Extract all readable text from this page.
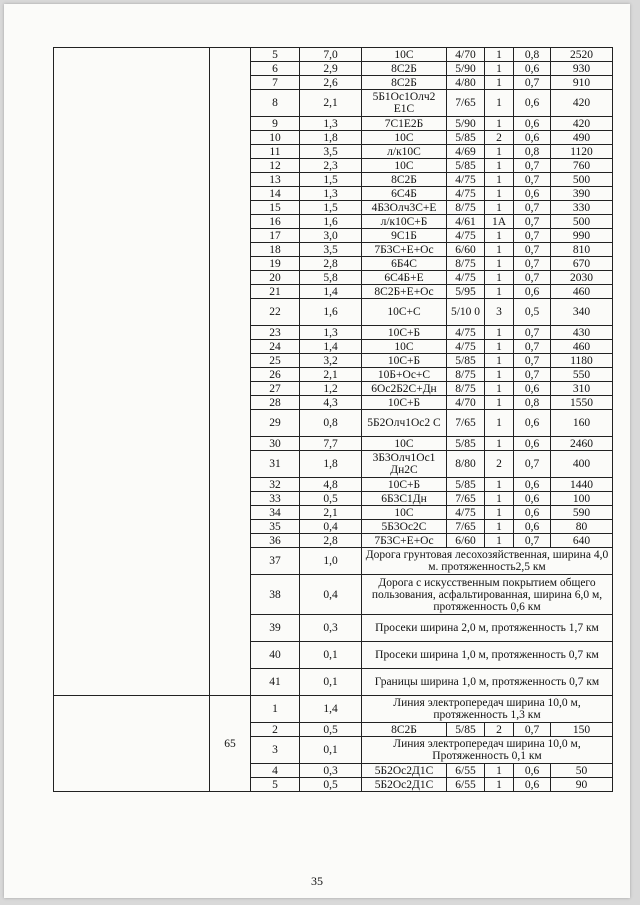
		5	7,0	10С	4/70	1	0,8	2520
		6	2,9	8С2Б	5/90	1	0,6	930
		7	2,6	8С2Б	4/80	1	0,7	910
		8	2,1	5Б1Ос1Олч2 Е1С	7/65	1	0,6	420
		9	1,3	7С1Е2Б	5/90	1	0,6	420
		10	1,8	10С	5/85	2	0,6	490
		11	3,5	л/к10С	4/69	1	0,8	1120
		12	2,3	10С	5/85	1	0,7	760
		13	1,5	8С2Б	4/75	1	0,7	500
		14	1,3	6С4Б	4/75	1	0,6	390
		15	1,5	4Б3Олч3С+Е	8/75	1	0,7	330
		16	1,6	л/к10С+Б	4/61	1А	0,7	500
		17	3,0	9С1Б	4/75	1	0,7	990
		18	3,5	7Б3С+Е+Ос	6/60	1	0,7	810
		19	2,8	6Б4С	8/75	1	0,7	670
		20	5,8	6С4Б+Е	4/75	1	0,7	2030
		21	1,4	8С2Б+Е+Ос	5/95	1	0,6	460
		22	1,6	10С+С	5/10 0	3	0,5	340
		23	1,3	10С+Б	4/75	1	0,7	430
		24	1,4	10С	4/75	1	0,7	460
		25	3,2	10С+Б	5/85	1	0,7	1180
		26	2,1	10Б+Ос+С	8/75	1	0,7	550
		27	1,2	6Ос2Б2С+Дн	8/75	1	0,6	310
		28	4,3	10С+Б	4/70	1	0,8	1550
		29	0,8	5Б2Олч1Ос2 С	7/65	1	0,6	160
		30	7,7	10С	5/85	1	0,6	2460
		31	1,8	3Б3Олч1Ос1 Дн2С	8/80	2	0,7	400
		32	4,8	10С+Б	5/85	1	0,6	1440
		33	0,5	6Б3С1Дн	7/65	1	0,6	100
		34	2,1	10С	4/75	1	0,6	590
		35	0,4	5Б3Ос2С	7/65	1	0,6	80
		36	2,8	7Б3С+Е+Ос	6/60	1	0,7	640
		37	1,0	Дорога грунтовая лесохозяйственная, ширина 4,0 м. протяженность2,5 км				
		38	0,4	Дорога с искусственным покрытием общего пользования, асфальтированная, ширина 6,0 м, протяженность 0,6 км				
		39	0,3	Просеки ширина 2,0 м, протяженность 1,7 км				
		40	0,1	Просеки ширина 1,0 м, протяженность 0,7 км				
		41	0,1	Границы ширина 1,0 м, протяженность 0,7 км				
	65	1	1,4	Линия электропередач ширина 10,0 м, протяженность 1,3 км				
		2	0,5	8С2Б	5/85	2	0,7	150
		3	0,1	Линия электропередач ширина 10,0 м, Протяженность 0,1 км				
		4	0,3	5Б2Ос2Д1С	6/55	1	0,6	50
		5	0,5	5Б2Ос2Д1С	6/55	1	0,6	90
35
